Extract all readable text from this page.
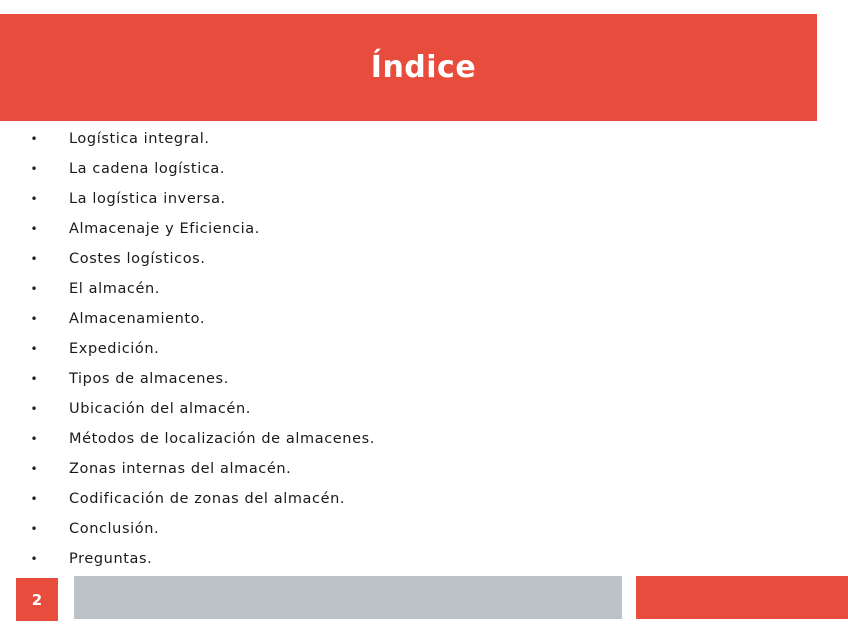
Índice
• Logística integral.
• La cadena logística.
• La logística inversa.
• Almacenaje y Eficiencia.
• Costes logísticos.
• El almacén.
• Almacenamiento.
• Expedición.
• Tipos de almacenes.
• Ubicación del almacén.
• Métodos de localización de almacenes.
• Zonas internas del almacén.
• Codificación de zonas del almacén.
• Conclusión.
• Preguntas.
2
